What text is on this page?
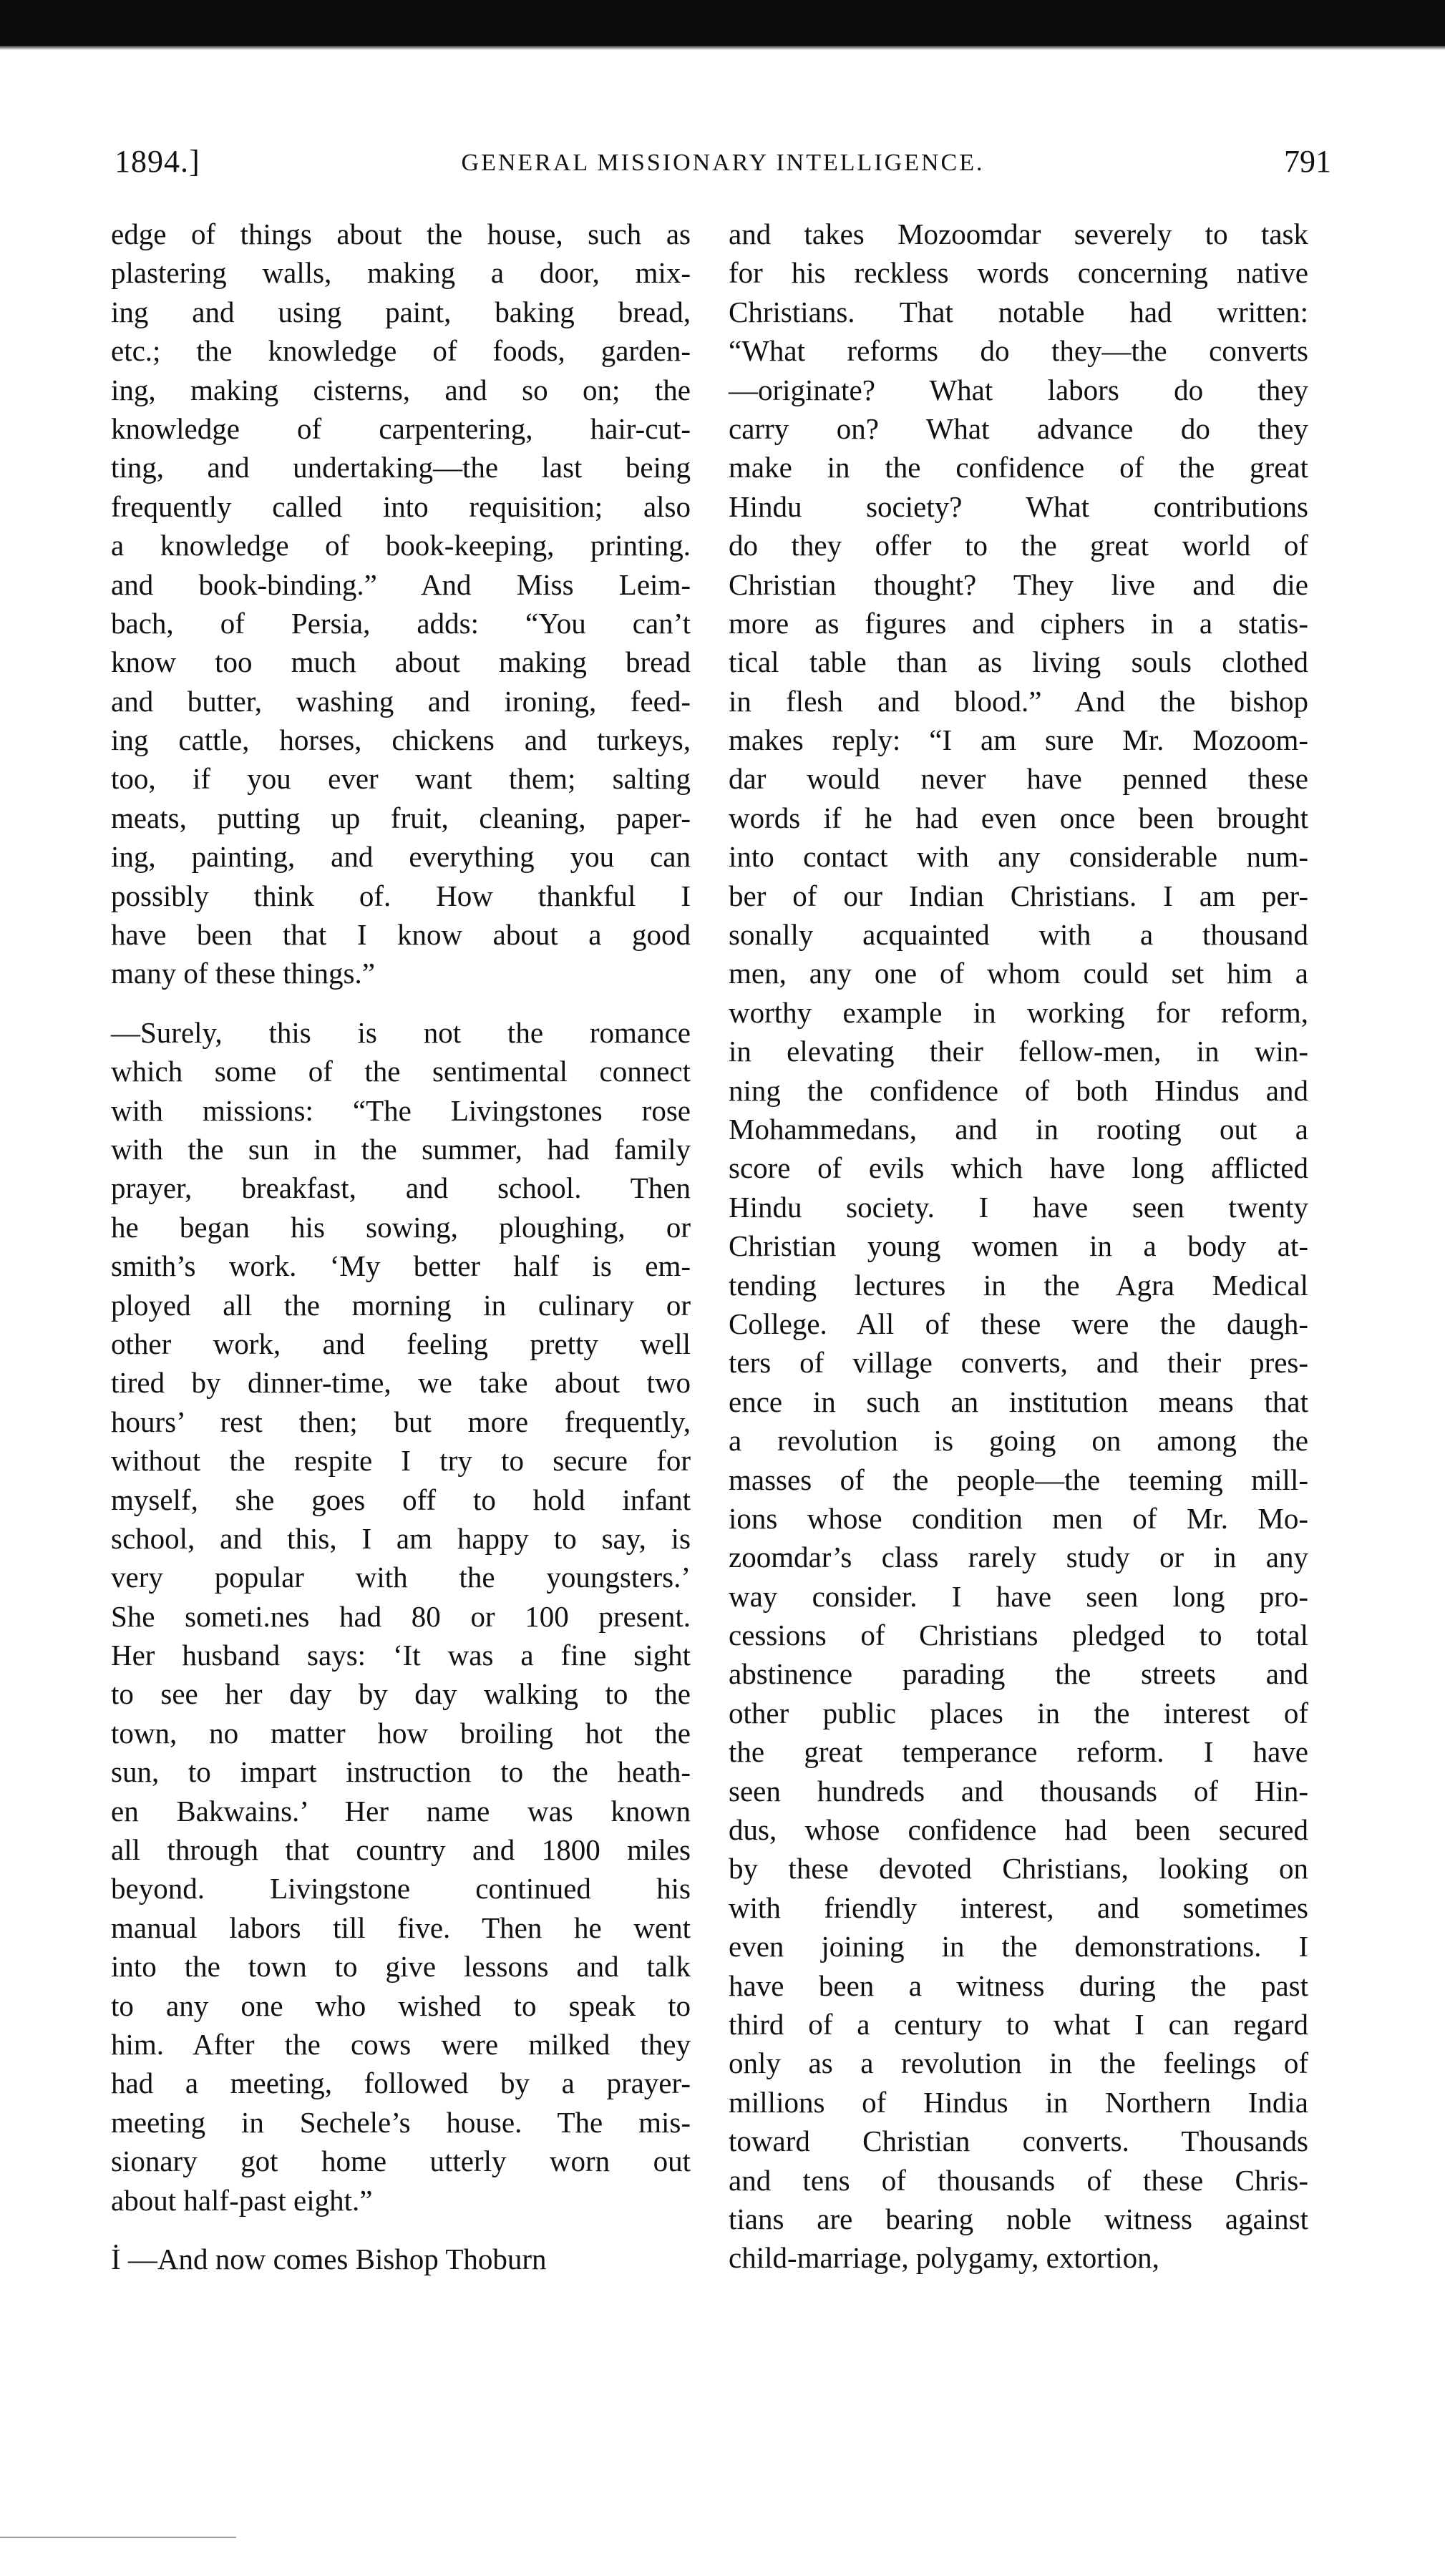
1894.]	GENERAL MISSIONARY INTELLIGENCE.	791
edge of things about the house, such as
plastering walls, making a door, mix-
ing and using paint, baking bread,
etc.; the knowledge of foods, garden-
ing, making cisterns, and so on; the
knowledge of carpentering, hair-cut-
ting, and undertaking—the last being
frequently called into requisition; also
a knowledge of book-keeping, printing.
and book-binding.” And Miss Leim-
bach, of Persia, adds: “You can’t
know too much about making bread
and butter, washing and ironing, feed-
ing cattle, horses, chickens and turkeys,
too, if you ever want them; salting
meats, putting up fruit, cleaning, paper-
ing, painting, and everything you can
possibly think of. How thankful I
have been that I know about a good
many of these things.”
—Surely, this is not the romance
which some of the sentimental connect
with missions: “The Livingstones rose
with the sun in the summer, had family
prayer, breakfast, and school. Then
he began his sowing, ploughing, or
smith’s work. ‘My better half is em-
ployed all the morning in culinary or
other work, and feeling pretty well
tired by dinner-time, we take about two
hours’ rest then; but more frequently,
without the respite I try to secure for
myself, she goes off to hold infant
school, and this, I am happy to say, is
very popular with the youngsters.’
She someti.nes had 80 or 100 present.
Her husband says: ‘It was a fine sight
to see her day by day walking to the
town, no matter how broiling hot the
sun, to impart instruction to the heath-
en Bakwains.’ Her name was known
all through that country and 1800 miles
beyond. Livingstone continued his
manual labors till five. Then he went
into the town to give lessons and talk
to any one who wished to speak to
him. After the cows were milked they
had a meeting, followed by a prayer-
meeting in Sechele’s house. The mis-
sionary got home utterly worn out
about half-past eight.”
İ —And now comes Bishop Thoburn
and takes Mozoomdar severely to task
for his reckless words concerning native
Christians. That notable had written:
“What reforms do they—the converts
—originate? What labors do they
carry on? What advance do they
make in the confidence of the great
Hindu society? What contributions
do they offer to the great world of
Christian thought? They live and die
more as figures and ciphers in a statis-
tical table than as living souls clothed
in flesh and blood.” And the bishop
makes reply: “I am sure Mr. Mozoom-
dar would never have penned these
words if he had even once been brought
into contact with any considerable num-
ber of our Indian Christians. I am per-
sonally acquainted with a thousand
men, any one of whom could set him a
worthy example in working for reform,
in elevating their fellow-men, in win-
ning the confidence of both Hindus and
Mohammedans, and in rooting out a
score of evils which have long afflicted
Hindu society. I have seen twenty
Christian young women in a body at-
tending lectures in the Agra Medical
College. All of these were the daugh-
ters of village converts, and their pres-
ence in such an institution means that
a revolution is going on among the
masses of the people—the teeming mill-
ions whose condition men of Mr. Mo-
zoomdar’s class rarely study or in any
way consider. I have seen long pro-
cessions of Christians pledged to total
abstinence parading the streets and
other public places in the interest of
the great temperance reform. I have
seen hundreds and thousands of Hin-
dus, whose confidence had been secured
by these devoted Christians, looking on
with friendly interest, and sometimes
even joining in the demonstrations. I
have been a witness during the past
third of a century to what I can regard
only as a revolution in the feelings of
millions of Hindus in Northern India
toward Christian converts. Thousands
and tens of thousands of these Chris-
tians are bearing noble witness against
child-marriage, polygamy, extortion,
